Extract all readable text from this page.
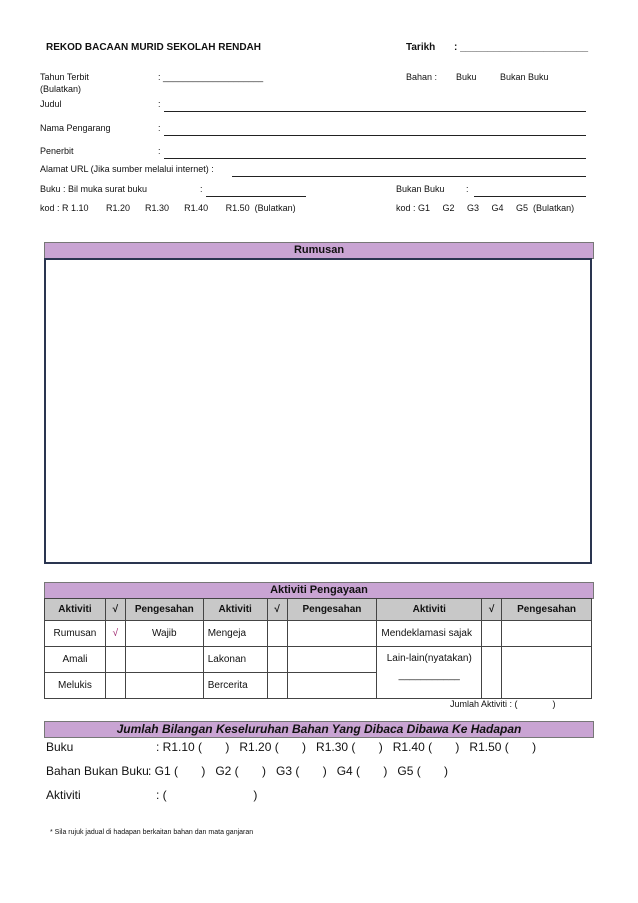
REKOD BACAAN MURID SEKOLAH RENDAH	Tarikh : _______________________
Tahun Terbit
(Bulatkan)
: ____________________	Bahan : Buku	Bukan Buku
Judul	:
Nama Pengarang	:
Penerbit	:
Alamat URL (Jika sumber melalui internet) :
Buku : Bil muka surat buku	:	Bukan Buku :
kod : R 1.10       R1.20      R1.30      R1.40       R1.50  (Bulatkan)	kod : G1     G2     G3     G4     G5  (Bulatkan)
Rumusan
Aktiviti Pengayaan
Aktiviti	√	Pengesahan	Aktiviti	√	Pengesahan	Aktiviti	√	Pengesahan
Rumusan	√	Wajib	Mengeja			Mendeklamasi sajak		
Amali			Lakonan			Lain-lain(nyatakan)
___________		

Melukis			Bercerita					
Jumlah Aktiviti : (              )
Jumlah Bilangan Keseluruhan Bahan Yang Dibaca Dibawa Ke Hadapan
Buku	: R1.10 (       )   R1.20 (       )   R1.30 (       )   R1.40 (       )   R1.50 (       )
Bahan Bukan Buku : G1 (       )   G2 (       )   G3 (       )   G4 (       )   G5 (       )
Aktiviti	: (                          )
* Sila rujuk jadual di hadapan berkaitan bahan dan mata ganjaran
